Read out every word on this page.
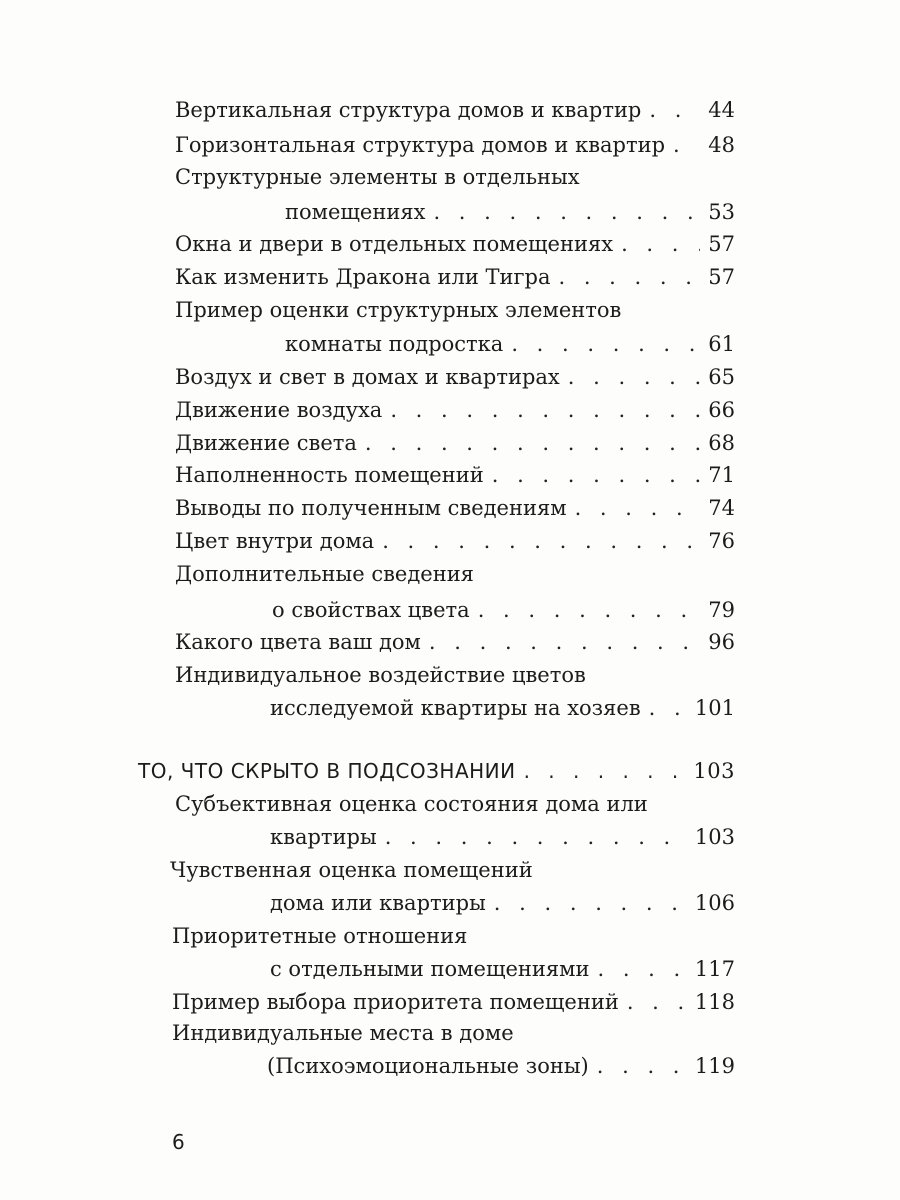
Вертикальная структура домов и квартир . . .	44
Горизонтальная структура домов и квартир . . . 48
Структурные элементы в отдельных
помещениях . . .	53
Окна и двери в отдельных помещениях . . .	57
Как изменить Дракона или Тигра . . .	57
Пример оценки структурных элементов
комнаты подростка . . .	61
Воздух и свет в домах и квартирах . . .	65
Движение воздуха . . .	66
Движение света . . .	68
Наполненность помещений . . .	71
Выводы по полученным сведениям . . .	74
Цвет внутри дома . . .	76
Дополнительные сведения
о свойствах цвета . . .	79
Какого цвета ваш дом . . .	96
Индивидуальное воздействие цветов
исследуемой квартиры на хозяев . . .	101
ТО, ЧТО СКРЫТО В ПОДСОЗНАНИИ . . .	103
Субъективная оценка состояния дома или
квартиры . . .	103
Чувственная оценка помещений
дома или квартиры . . .	106
Приоритетные отношения
с отдельными помещениями . . .	117
Пример выбора приоритета помещений . . .	118
Индивидуальные места в доме
(Психоэмоциональные зоны) . . .	119
6
